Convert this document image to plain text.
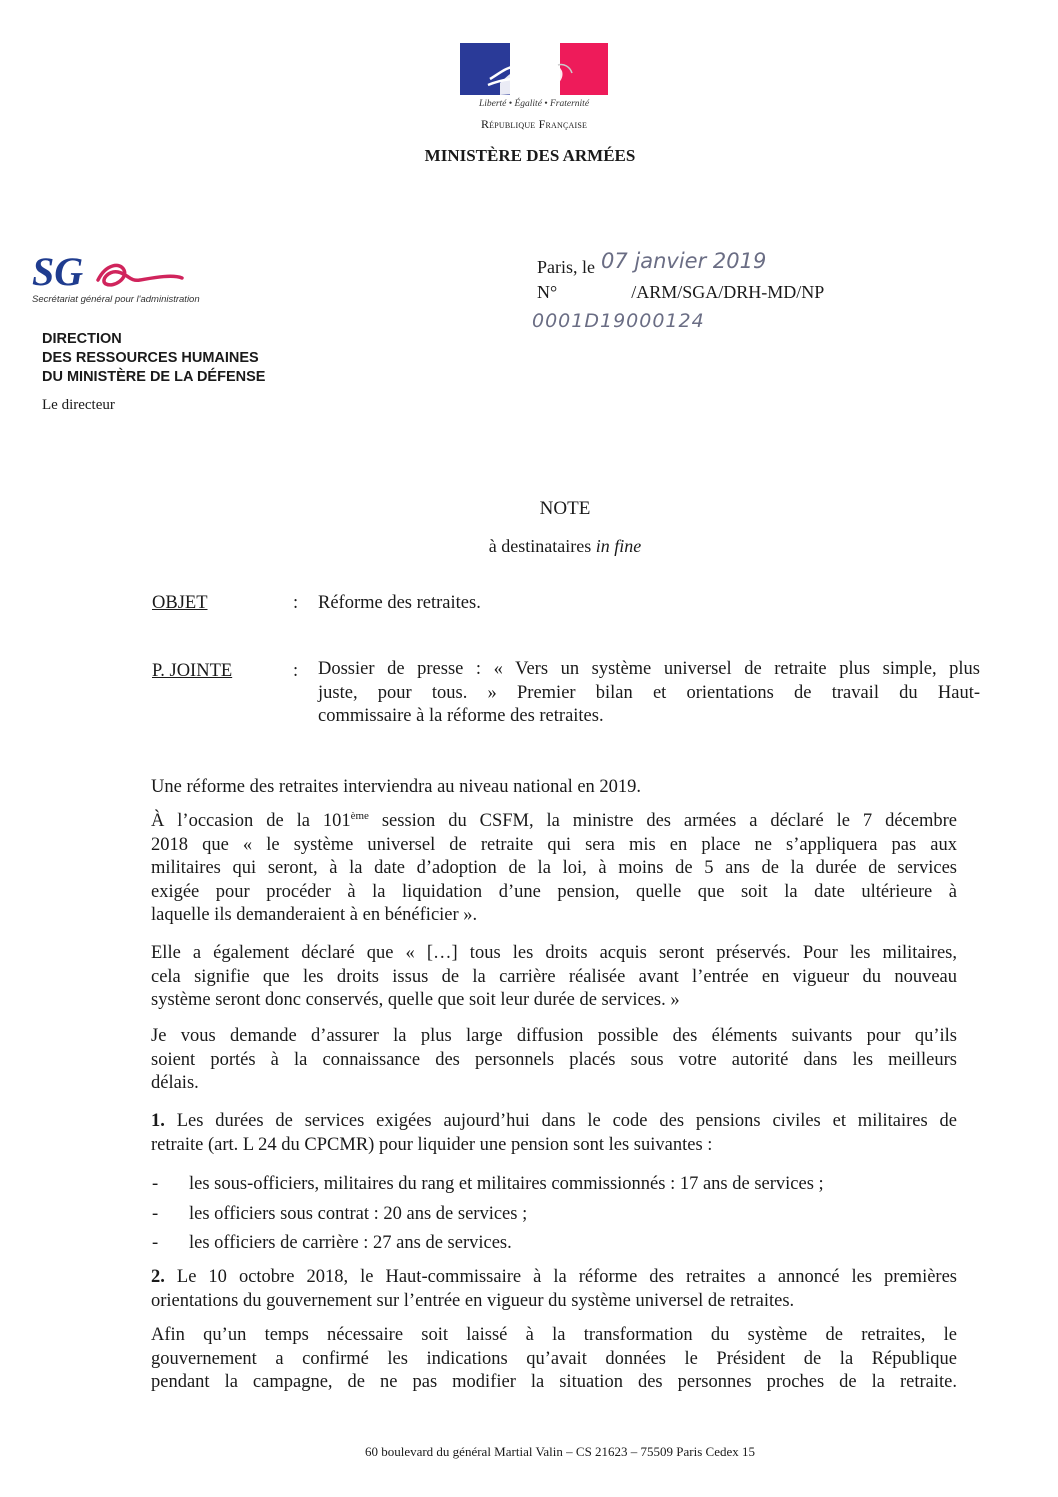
Liberté • Égalité • Fraternité
République Française
MINISTÈRE DES ARMÉES
SG
Secrétariat général pour l'administration
DIRECTION
DES RESSOURCES HUMAINES
DU MINISTÈRE DE LA DÉFENSE
Le directeur
Paris, le 07 janvier 2019
N°	/ARM/SGA/DRH-MD/NP
0001D19000124
NOTE
à destinataires in fine
OBJET	: Réforme des retraites.
P. JOINTE	: Dossier de presse : « Vers un système universel de retraite plus simple, plus
juste, pour tous. » Premier bilan et orientations de travail du Haut-
commissaire à la réforme des retraites.
Une réforme des retraites interviendra au niveau national en 2019.
À l’occasion de la 101ème session du CSFM, la ministre des armées a déclaré le 7 décembre
2018 que « le système universel de retraite qui sera mis en place ne s’appliquera pas aux
militaires qui seront, à la date d’adoption de la loi, à moins de 5 ans de la durée de services
exigée pour procéder à la liquidation d’une pension, quelle que soit la date ultérieure à
laquelle ils demanderaient à en bénéficier ».
Elle a également déclaré que « […] tous les droits acquis seront préservés. Pour les militaires,
cela signifie que les droits issus de la carrière réalisée avant l’entrée en vigueur du nouveau
système seront donc conservés, quelle que soit leur durée de services. »
Je vous demande d’assurer la plus large diffusion possible des éléments suivants pour qu’ils
soient portés à la connaissance des personnels placés sous votre autorité dans les meilleurs
délais.
1. Les durées de services exigées aujourd’hui dans le code des pensions civiles et militaires de
retraite (art. L 24 du CPCMR) pour liquider une pension sont les suivantes :
- les sous-officiers, militaires du rang et militaires commissionnés : 17 ans de services ;
- les officiers sous contrat : 20 ans de services ;
- les officiers de carrière : 27 ans de services.
2. Le 10 octobre 2018, le Haut-commissaire à la réforme des retraites a annoncé les premières
orientations du gouvernement sur l’entrée en vigueur du système universel de retraites.
Afin qu’un temps nécessaire soit laissé à la transformation du système de retraites, le
gouvernement a confirmé les indications qu’avait données le Président de la République
pendant la campagne, de ne pas modifier la situation des personnes proches de la retraite.
60 boulevard du général Martial Valin – CS 21623 – 75509 Paris Cedex 15
